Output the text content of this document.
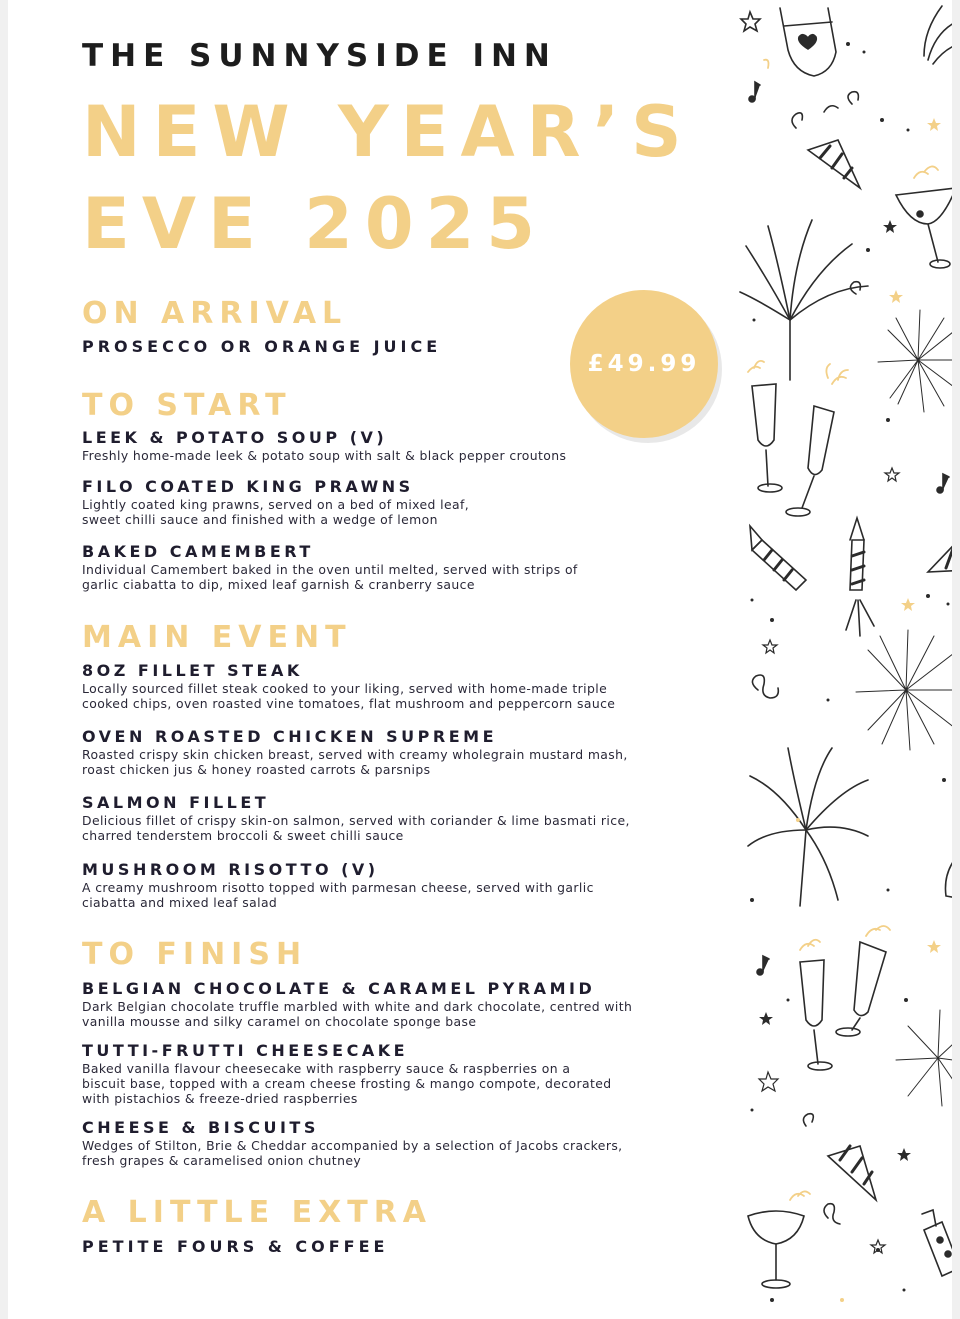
THE SUNNYSIDE INN
NEW YEAR’S
EVE 2025
£49.99
ON ARRIVAL

PROSECCO OR ORANGE JUICE

TO START
LEEK & POTATO SOUP (V)

Freshly home-made leek & potato soup with salt & black pepper croutons

FILO COATED KING PRAWNS

Lightly coated king prawns, served on a bed of mixed leaf,
sweet chilli sauce and finished with a wedge of lemon

BAKED CAMEMBERT

Individual Camembert baked in the oven until melted, served with strips of
garlic ciabatta to dip, mixed leaf garnish & cranberry sauce

MAIN EVENT
8OZ FILLET STEAK

Locally sourced fillet steak cooked to your liking, served with home-made triple
cooked chips, oven roasted vine tomatoes, flat mushroom and peppercorn sauce

OVEN ROASTED CHICKEN SUPREME

Roasted crispy skin chicken breast, served with creamy wholegrain mustard mash,
roast chicken jus & honey roasted carrots & parsnips

SALMON FILLET

Delicious fillet of crispy skin-on salmon, served with coriander & lime basmati rice,
charred tenderstem broccoli & sweet chilli sauce

MUSHROOM RISOTTO (V)

A creamy mushroom risotto topped with parmesan cheese, served with garlic
ciabatta and mixed leaf salad

TO FINISH
BELGIAN CHOCOLATE & CARAMEL PYRAMID

Dark Belgian chocolate truffle marbled with white and dark chocolate, centred with
vanilla mousse and silky caramel on chocolate sponge base

TUTTI-FRUTTI CHEESECAKE

Baked vanilla flavour cheesecake with raspberry sauce & raspberries on a
biscuit base, topped with a cream cheese frosting & mango compote, decorated
with pistachios & freeze-dried raspberries

CHEESE & BISCUITS

Wedges of Stilton, Brie & Cheddar accompanied by a selection of Jacobs crackers,
fresh grapes & caramelised onion chutney

A LITTLE EXTRA

PETITE FOURS & COFFEE
